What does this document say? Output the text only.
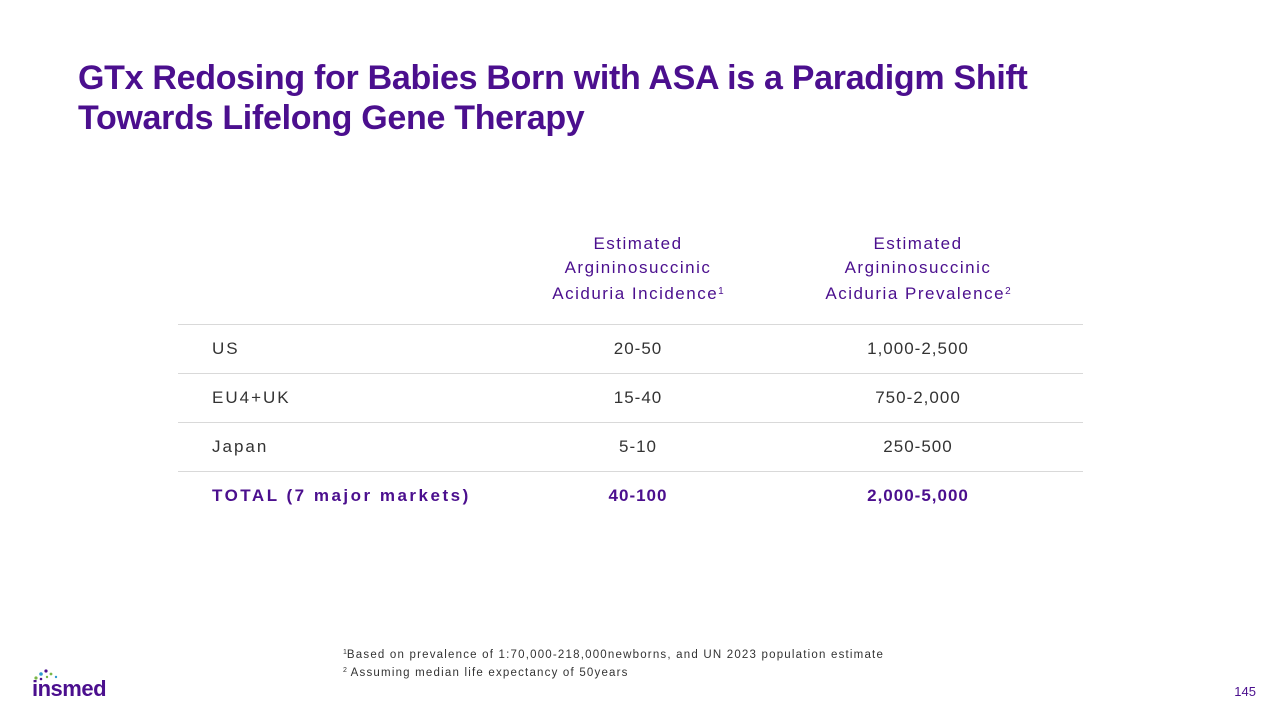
GTx Redosing for Babies Born with ASA is a Paradigm Shift
Towards Lifelong Gene Therapy
Estimated
Argininosuccinic
Aciduria Incidence$^1$
Estimated
Argininosuccinic
Aciduria Prevalence$^2$
US	20-50	1,000-2,500
EU4+UK	15-40	750-2,000
Japan	5-10	250-500
TOTAL (7 major markets)	40-100	2,000-5,000
$^1$Based on prevalence of 1:70,000-218,000newborns, and UN 2023 population estimate
$^2$ Assuming median life expectancy of 50years
insmed	145
